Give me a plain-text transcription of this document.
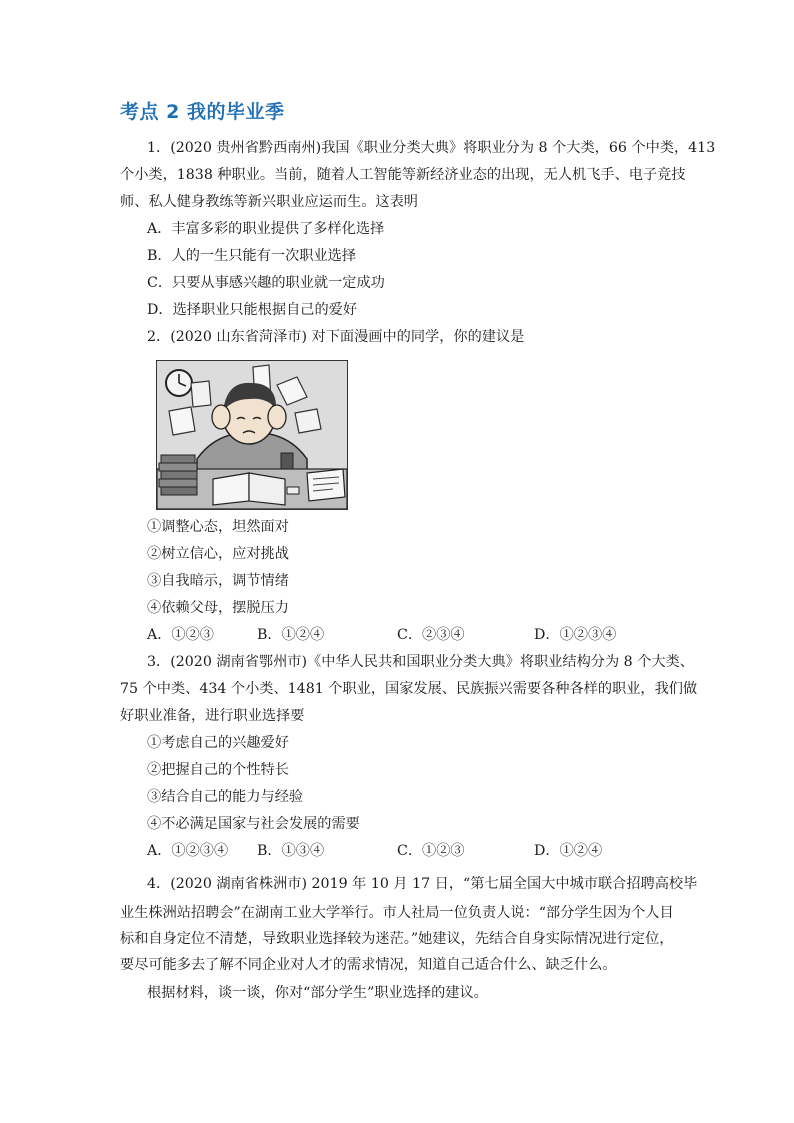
考点 2 我的毕业季
1．(2020 贵州省黔西南州)我国《职业分类大典》将职业分为 8 个大类，66 个中类，413
个小类，1838 种职业。当前，随着人工智能等新经济业态的出现，无人机飞手、电子竞技
师、私人健身教练等新兴职业应运而生。这表明
A．丰富多彩的职业提供了多样化选择
B．人的一生只能有一次职业选择
C．只要从事感兴趣的职业就一定成功
D．选择职业只能根据自己的爱好
2．(2020 山东省菏泽市) 对下面漫画中的同学，你的建议是
①调整心态，坦然面对
②树立信心，应对挑战
③自我暗示，调节情绪
④依赖父母，摆脱压力
A．①②③	B．①②④	C．②③④	D．①②③④
3．(2020 湖南省鄂州市)《中华人民共和国职业分类大典》将职业结构分为 8 个大类、
75 个中类、434 个小类、1481 个职业，国家发展、民族振兴需要各种各样的职业，我们做
好职业准备，进行职业选择要
①考虑自己的兴趣爱好
②把握自己的个性特长
③结合自己的能力与经验
④不必满足国家与社会发展的需要
A．①②③④ B．①③④	C．①②③	D．①②④
4．(2020 湖南省株洲市) 2019 年 10 月 17 日，“第七届全国大中城市联合招聘高校毕
业生株洲站招聘会”在湖南工业大学举行。市人社局一位负责人说：“部分学生因为个人目
标和自身定位不清楚，导致职业选择较为迷茫。”她建议，先结合自身实际情况进行定位，
要尽可能多去了解不同企业对人才的需求情况，知道自己适合什么、缺乏什么。
根据材料，谈一谈，你对“部分学生”职业选择的建议。
